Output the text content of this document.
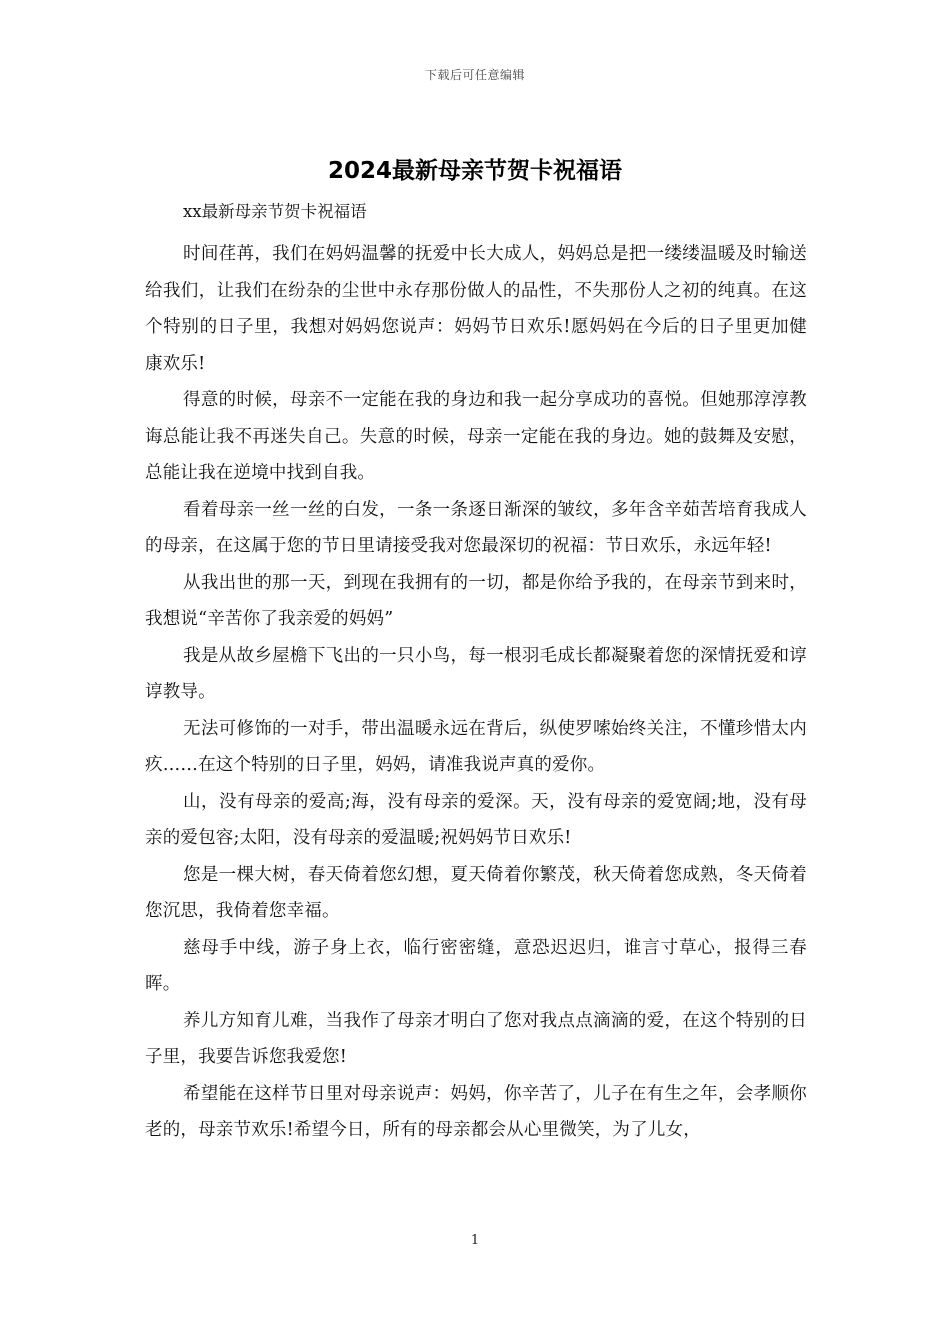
下载后可任意编辑
2024最新母亲节贺卡祝福语

xx最新母亲节贺卡祝福语

时间荏苒，我们在妈妈温馨的抚爱中长大成人，妈妈总是把一缕缕温暖及时输送给我们，让我们在纷杂的尘世中永存那份做人的品性，不失那份人之初的纯真。在这个特别的日子里，我想对妈妈您说声：妈妈节日欢乐!愿妈妈在今后的日子里更加健康欢乐!

得意的时候，母亲不一定能在我的身边和我一起分享成功的喜悦。但她那淳淳教诲总能让我不再迷失自己。失意的时候，母亲一定能在我的身边。她的鼓舞及安慰，总能让我在逆境中找到自我。

看着母亲一丝一丝的白发，一条一条逐日渐深的皱纹，多年含辛茹苦培育我成人的母亲，在这属于您的节日里请接受我对您最深切的祝福：节日欢乐，永远年轻!

从我出世的那一天，到现在我拥有的一切，都是你给予我的，在母亲节到来时，我想说“辛苦你了我亲爱的妈妈”

我是从故乡屋檐下飞出的一只小鸟，每一根羽毛成长都凝聚着您的深情抚爱和谆谆教导。

无法可修饰的一对手，带出温暖永远在背后，纵使罗嗦始终关注，不懂珍惜太内疚……在这个特别的日子里，妈妈，请准我说声真的爱你。

山，没有母亲的爱高;海，没有母亲的爱深。天，没有母亲的爱宽阔;地，没有母亲的爱包容;太阳，没有母亲的爱温暖;祝妈妈节日欢乐!

您是一棵大树，春天倚着您幻想，夏天倚着你繁茂，秋天倚着您成熟，冬天倚着您沉思，我倚着您幸福。

慈母手中线，游子身上衣，临行密密缝，意恐迟迟归，谁言寸草心，报得三春晖。

养儿方知育儿难，当我作了母亲才明白了您对我点点滴滴的爱，在这个特别的日子里，我要告诉您我爱您!

希望能在这样节日里对母亲说声：妈妈，你辛苦了，儿子在有生之年，会孝顺你老的，母亲节欢乐!希望今日，所有的母亲都会从心里微笑，为了儿女，

1
